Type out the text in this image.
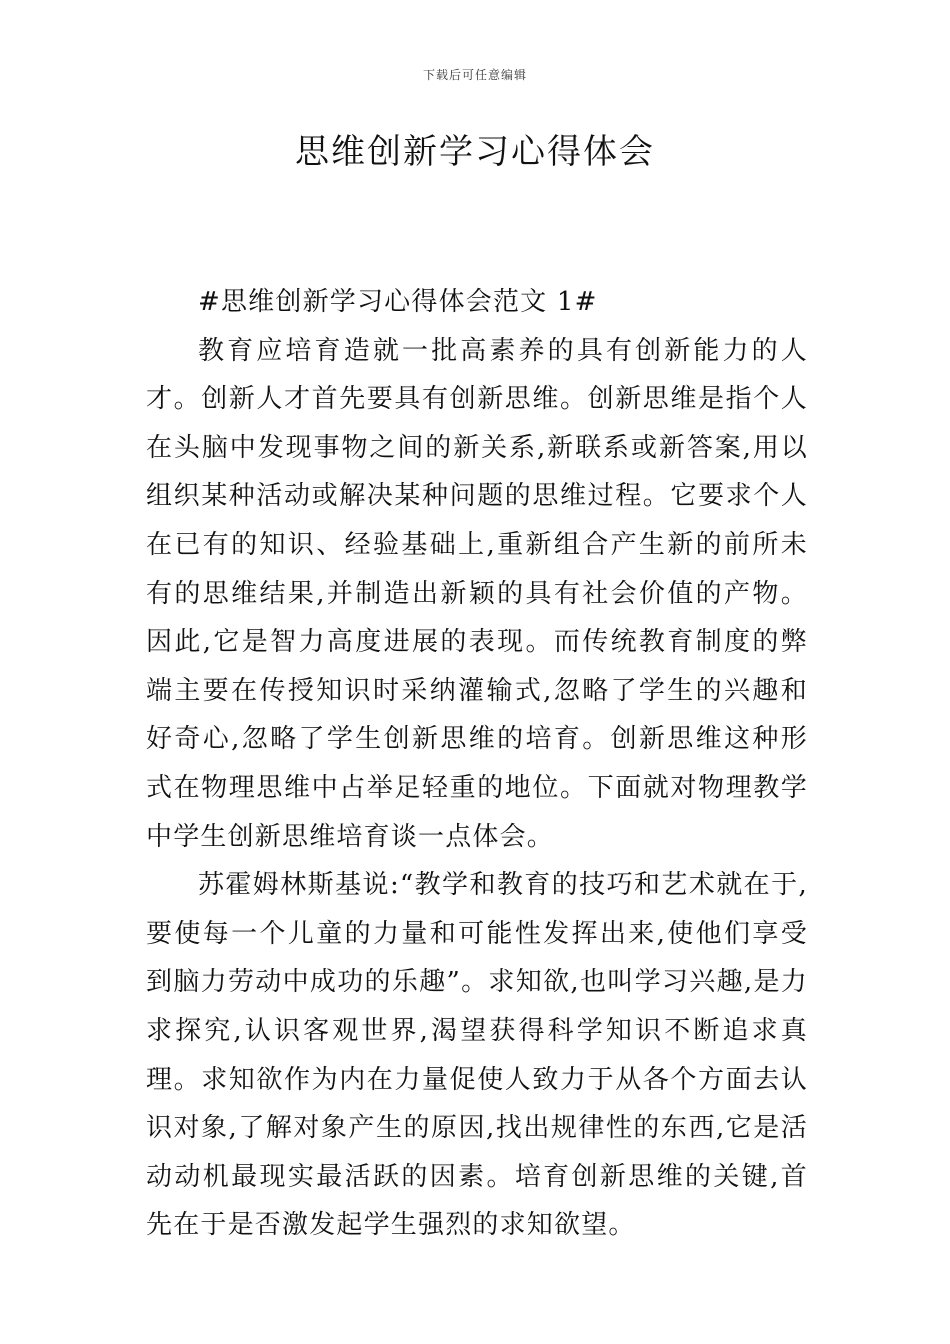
下载后可任意编辑
思维创新学习心得体会

#思维创新学习心得体会范文 1#

教育应培育造就一批高素养的具有创新能力的人才。创新人才首先要具有创新思维。创新思维是指个人在头脑中发现事物之间的新关系,新联系或新答案,用以组织某种活动或解决某种问题的思维过程。它要求个人在已有的知识、经验基础上,重新组合产生新的前所未有的思维结果,并制造出新颖的具有社会价值的产物。因此,它是智力高度进展的表现。而传统教育制度的弊端主要在传授知识时采纳灌输式,忽略了学生的兴趣和好奇心,忽略了学生创新思维的培育。创新思维这种形式在物理思维中占举足轻重的地位。下面就对物理教学中学生创新思维培育谈一点体会。

苏霍姆林斯基说:“教学和教育的技巧和艺术就在于,要使每一个儿童的力量和可能性发挥出来,使他们享受到脑力劳动中成功的乐趣”。求知欲,也叫学习兴趣,是力求探究,认识客观世界,渴望获得科学知识不断追求真理。求知欲作为内在力量促使人致力于从各个方面去认识对象,了解对象产生的原因,找出规律性的东西,它是活动动机最现实最活跃的因素。培育创新思维的关键,首先在于是否激发起学生强烈的求知欲望。
